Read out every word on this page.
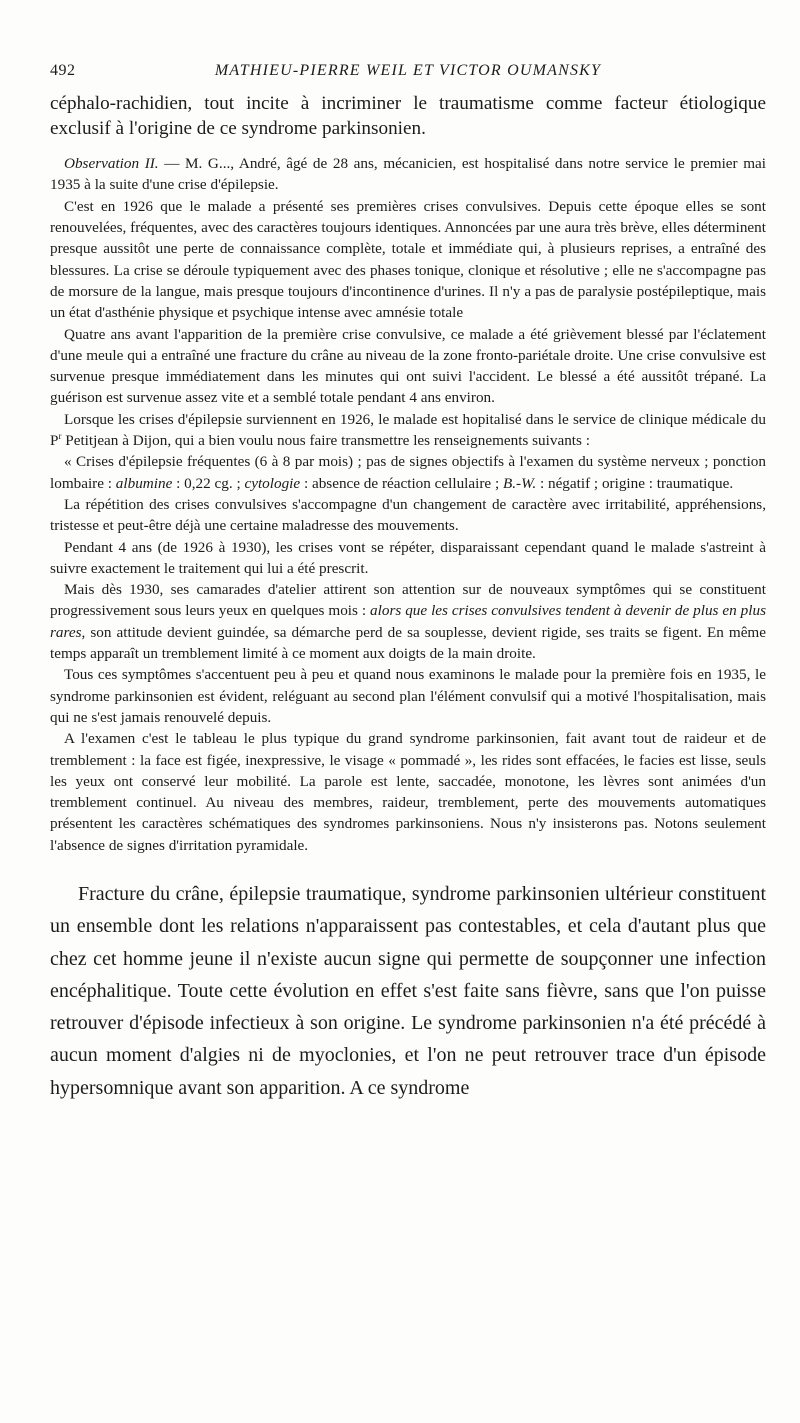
492	MATHIEU-PIERRE WEIL ET VICTOR OUMANSKY

céphalo-rachidien, tout incite à incriminer le traumatisme comme facteur étiologique exclusif à l'origine de ce syndrome parkinsonien.

Observation II. — M. G..., André, âgé de 28 ans, mécanicien, est hospitalisé dans notre service le premier mai 1935 à la suite d'une crise d'épilepsie.

C'est en 1926 que le malade a présenté ses premières crises convulsives. Depuis cette époque elles se sont renouvelées, fréquentes, avec des caractères toujours identiques. Annoncées par une aura très brève, elles déterminent presque aussitôt une perte de connaissance complète, totale et immédiate qui, à plusieurs reprises, a entraîné des blessures. La crise se déroule typiquement avec des phases tonique, clonique et résolutive ; elle ne s'accompagne pas de morsure de la langue, mais presque toujours d'incontinence d'urines. Il n'y a pas de paralysie postépileptique, mais un état d'asthénie physique et psychique intense avec amnésie totale

Quatre ans avant l'apparition de la première crise convulsive, ce malade a été grièvement blessé par l'éclatement d'une meule qui a entraîné une fracture du crâne au niveau de la zone fronto-pariétale droite. Une crise convulsive est survenue presque immédiatement dans les minutes qui ont suivi l'accident. Le blessé a été aussitôt trépané. La guérison est survenue assez vite et a semblé totale pendant 4 ans environ.

Lorsque les crises d'épilepsie surviennent en 1926, le malade est hopitalisé dans le service de clinique médicale du $P^r$ Petitjean à Dijon, qui a bien voulu nous faire transmettre les renseignements suivants :

« Crises d'épilepsie fréquentes (6 à 8 par mois) ; pas de signes objectifs à l'examen du système nerveux ; ponction lombaire : albumine : 0,22 cg. ; cytologie : absence de réaction cellulaire ; B.-W. : négatif ; origine : traumatique.

La répétition des crises convulsives s'accompagne d'un changement de caractère avec irritabilité, appréhensions, tristesse et peut-être déjà une certaine maladresse des mouvements.

Pendant 4 ans (de 1926 à 1930), les crises vont se répéter, disparaissant cependant quand le malade s'astreint à suivre exactement le traitement qui lui a été prescrit.

Mais dès 1930, ses camarades d'atelier attirent son attention sur de nouveaux symptômes qui se constituent progressivement sous leurs yeux en quelques mois : alors que les crises convulsives tendent à devenir de plus en plus rares, son attitude devient guindée, sa démarche perd de sa souplesse, devient rigide, ses traits se figent. En même temps apparaît un tremblement limité à ce moment aux doigts de la main droite.

Tous ces symptômes s'accentuent peu à peu et quand nous examinons le malade pour la première fois en 1935, le syndrome parkinsonien est évident, reléguant au second plan l'élément convulsif qui a motivé l'hospitalisation, mais qui ne s'est jamais renouvelé depuis.

A l'examen c'est le tableau le plus typique du grand syndrome parkinsonien, fait avant tout de raideur et de tremblement : la face est figée, inexpressive, le visage « pommadé », les rides sont effacées, le facies est lisse, seuls les yeux ont conservé leur mobilité. La parole est lente, saccadée, monotone, les lèvres sont animées d'un tremblement continuel. Au niveau des membres, raideur, tremblement, perte des mouvements automatiques présentent les caractères schématiques des syndromes parkinsoniens. Nous n'y insisterons pas. Notons seulement l'absence de signes d'irritation pyramidale.

Fracture du crâne, épilepsie traumatique, syndrome parkinsonien ultérieur constituent un ensemble dont les relations n'apparaissent pas contestables, et cela d'autant plus que chez cet homme jeune il n'existe aucun signe qui permette de soupçonner une infection encéphalitique. Toute cette évolution en effet s'est faite sans fièvre, sans que l'on puisse retrouver d'épisode infectieux à son origine. Le syndrome parkinsonien n'a été précédé à aucun moment d'algies ni de myoclonies, et l'on ne peut retrouver trace d'un épisode hypersomnique avant son apparition. A ce syndrome
